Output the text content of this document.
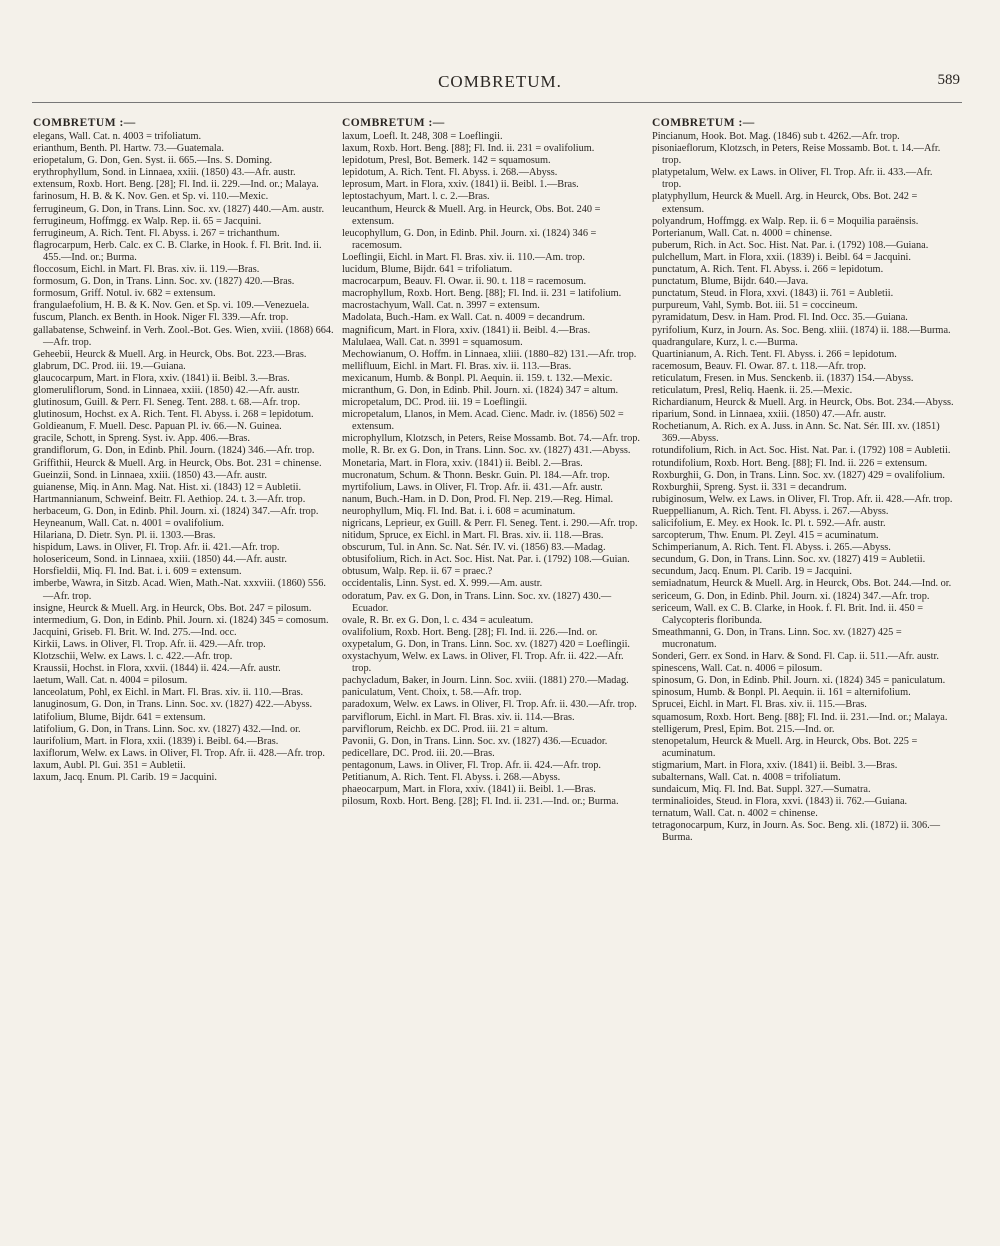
COMBRETUM.	589
COMBRETUM :—

elegans, Wall. Cat. n. 4003 = trifoliatum.

erianthum, Benth. Pl. Hartw. 73.—Guatemala.

eriopetalum, G. Don, Gen. Syst. ii. 665.—Ins. S. Doming.

erythrophyllum, Sond. in Linnaea, xxiii. (1850) 43.—Afr. austr.

extensum, Roxb. Hort. Beng. [28]; Fl. Ind. ii. 229.—Ind. or.; Malaya.

farinosum, H. B. & K. Nov. Gen. et Sp. vi. 110.—Mexic.

ferrugineum, G. Don, in Trans. Linn. Soc. xv. (1827) 440.—Am. austr.

ferrugineum, Hoffmgg. ex Walp. Rep. ii. 65 = Jacquini.

ferrugineum, A. Rich. Tent. Fl. Abyss. i. 267 = trichanthum.

flagrocarpum, Herb. Calc. ex C. B. Clarke, in Hook. f. Fl. Brit. Ind. ii. 455.—Ind. or.; Burma.

floccosum, Eichl. in Mart. Fl. Bras. xiv. ii. 119.—Bras.

formosum, G. Don, in Trans. Linn. Soc. xv. (1827) 420.—Bras.

formosum, Griff. Notul. iv. 682 = extensum.

frangulaefolium, H. B. & K. Nov. Gen. et Sp. vi. 109.—Venezuela.

fuscum, Planch. ex Benth. in Hook. Niger Fl. 339.—Afr. trop.

gallabatense, Schweinf. in Verh. Zool.-Bot. Ges. Wien, xviii. (1868) 664.—Afr. trop.

Geheebii, Heurck & Muell. Arg. in Heurck, Obs. Bot. 223.—Bras.

glabrum, DC. Prod. iii. 19.—Guiana.

glaucocarpum, Mart. in Flora, xxiv. (1841) ii. Beibl. 3.—Bras.

glomeruliflorum, Sond. in Linnaea, xxiii. (1850) 42.—Afr. austr.

glutinosum, Guill. & Perr. Fl. Seneg. Tent. 288. t. 68.—Afr. trop.

glutinosum, Hochst. ex A. Rich. Tent. Fl. Abyss. i. 268 = lepidotum.

Goldieanum, F. Muell. Desc. Papuan Pl. iv. 66.—N. Guinea.

gracile, Schott, in Spreng. Syst. iv. App. 406.—Bras.

grandiflorum, G. Don, in Edinb. Phil. Journ. (1824) 346.—Afr. trop.

Griffithii, Heurck & Muell. Arg. in Heurck, Obs. Bot. 231 = chinense.

Gueinzii, Sond. in Linnaea, xxiii. (1850) 43.—Afr. austr.

guianense, Miq. in Ann. Mag. Nat. Hist. xi. (1843) 12 = Aubletii.

Hartmannianum, Schweinf. Beitr. Fl. Aethiop. 24. t. 3.—Afr. trop.

herbaceum, G. Don, in Edinb. Phil. Journ. xi. (1824) 347.—Afr. trop.

Heyneanum, Wall. Cat. n. 4001 = ovalifolium.

Hilariana, D. Dietr. Syn. Pl. ii. 1303.—Bras.

hispidum, Laws. in Oliver, Fl. Trop. Afr. ii. 421.—Afr. trop.

holosericeum, Sond. in Linnaea, xxiii. (1850) 44.—Afr. austr.

Horsfieldii, Miq. Fl. Ind. Bat. i. i. 609 = extensum.

imberbe, Wawra, in Sitzb. Acad. Wien, Math.-Nat. xxxviii. (1860) 556.—Afr. trop.

insigne, Heurck & Muell. Arg. in Heurck, Obs. Bot. 247 = pilosum.

intermedium, G. Don, in Edinb. Phil. Journ. xi. (1824) 345 = comosum.

Jacquini, Griseb. Fl. Brit. W. Ind. 275.—Ind. occ.

Kirkii, Laws. in Oliver, Fl. Trop. Afr. ii. 429.—Afr. trop.

Klotzschii, Welw. ex Laws. l. c. 422.—Afr. trop.

Kraussii, Hochst. in Flora, xxvii. (1844) ii. 424.—Afr. austr.

laetum, Wall. Cat. n. 4004 = pilosum.

lanceolatum, Pohl, ex Eichl. in Mart. Fl. Bras. xiv. ii. 110.—Bras.

lanuginosum, G. Don, in Trans. Linn. Soc. xv. (1827) 422.—Abyss.

latifolium, Blume, Bijdr. 641 = extensum.

latifolium, G. Don, in Trans. Linn. Soc. xv. (1827) 432.—Ind. or.

laurifolium, Mart. in Flora, xxii. (1839) i. Beibl. 64.—Bras.

laxiflorum, Welw. ex Laws. in Oliver, Fl. Trop. Afr. ii. 428.—Afr. trop.

laxum, Aubl. Pl. Gui. 351 = Aubletii.

laxum, Jacq. Enum. Pl. Carib. 19 = Jacquini.

COMBRETUM :—

laxum, Loefl. It. 248, 308 = Loeflingii.

laxum, Roxb. Hort. Beng. [88]; Fl. Ind. ii. 231 = ovalifolium.

lepidotum, Presl, Bot. Bemerk. 142 = squamosum.

lepidotum, A. Rich. Tent. Fl. Abyss. i. 268.—Abyss.

leprosum, Mart. in Flora, xxiv. (1841) ii. Beibl. 1.—Bras.

leptostachyum, Mart. l. c. 2.—Bras.

leucanthum, Heurck & Muell. Arg. in Heurck, Obs. Bot. 240 = extensum.

leucophyllum, G. Don, in Edinb. Phil. Journ. xi. (1824) 346 = racemosum.

Loeflingii, Eichl. in Mart. Fl. Bras. xiv. ii. 110.—Am. trop.

lucidum, Blume, Bijdr. 641 = trifoliatum.

macrocarpum, Beauv. Fl. Owar. ii. 90. t. 118 = racemosum.

macrophyllum, Roxb. Hort. Beng. [88]; Fl. Ind. ii. 231 = latifolium.

macrostachyum, Wall. Cat. n. 3997 = extensum.

Madolata, Buch.-Ham. ex Wall. Cat. n. 4009 = decandrum.

magnificum, Mart. in Flora, xxiv. (1841) ii. Beibl. 4.—Bras.

Malulaea, Wall. Cat. n. 3991 = squamosum.

Mechowianum, O. Hoffm. in Linnaea, xliii. (1880–82) 131.—Afr. trop.

mellifluum, Eichl. in Mart. Fl. Bras. xiv. ii. 113.—Bras.

mexicanum, Humb. & Bonpl. Pl. Aequin. ii. 159. t. 132.—Mexic.

micranthum, G. Don, in Edinb. Phil. Journ. xi. (1824) 347 = altum.

micropetalum, DC. Prod. iii. 19 = Loeflingii.

micropetalum, Llanos, in Mem. Acad. Cienc. Madr. iv. (1856) 502 = extensum.

microphyllum, Klotzsch, in Peters, Reise Mossamb. Bot. 74.—Afr. trop.

molle, R. Br. ex G. Don, in Trans. Linn. Soc. xv. (1827) 431.—Abyss.

Monetaria, Mart. in Flora, xxiv. (1841) ii. Beibl. 2.—Bras.

mucronatum, Schum. & Thonn. Beskr. Guin. Pl. 184.—Afr. trop.

myrtifolium, Laws. in Oliver, Fl. Trop. Afr. ii. 431.—Afr. austr.

nanum, Buch.-Ham. in D. Don, Prod. Fl. Nep. 219.—Reg. Himal.

neurophyllum, Miq. Fl. Ind. Bat. i. i. 608 = acuminatum.

nigricans, Leprieur, ex Guill. & Perr. Fl. Seneg. Tent. i. 290.—Afr. trop.

nitidum, Spruce, ex Eichl. in Mart. Fl. Bras. xiv. ii. 118.—Bras.

obscurum, Tul. in Ann. Sc. Nat. Sér. IV. vi. (1856) 83.—Madag.

obtusifolium, Rich. in Act. Soc. Hist. Nat. Par. i. (1792) 108.—Guian.

obtusum, Walp. Rep. ii. 67 = praec.?

occidentalis, Linn. Syst. ed. X. 999.—Am. austr.

odoratum, Pav. ex G. Don, in Trans. Linn. Soc. xv. (1827) 430.—Ecuador.

ovale, R. Br. ex G. Don, l. c. 434 = aculeatum.

ovalifolium, Roxb. Hort. Beng. [28]; Fl. Ind. ii. 226.—Ind. or.

oxypetalum, G. Don, in Trans. Linn. Soc. xv. (1827) 420 = Loeflingii.

oxystachyum, Welw. ex Laws. in Oliver, Fl. Trop. Afr. ii. 422.—Afr. trop.

pachycladum, Baker, in Journ. Linn. Soc. xviii. (1881) 270.—Madag.

paniculatum, Vent. Choix, t. 58.—Afr. trop.

paradoxum, Welw. ex Laws. in Oliver, Fl. Trop. Afr. ii. 430.—Afr. trop.

parviflorum, Eichl. in Mart. Fl. Bras. xiv. ii. 114.—Bras.

parviflorum, Reichb. ex DC. Prod. iii. 21 = altum.

Pavonii, G. Don, in Trans. Linn. Soc. xv. (1827) 436.—Ecuador.

pedicellare, DC. Prod. iii. 20.—Bras.

pentagonum, Laws. in Oliver, Fl. Trop. Afr. ii. 424.—Afr. trop.

Petitianum, A. Rich. Tent. Fl. Abyss. i. 268.—Abyss.

phaeocarpum, Mart. in Flora, xxiv. (1841) ii. Beibl. 1.—Bras.

pilosum, Roxb. Hort. Beng. [28]; Fl. Ind. ii. 231.—Ind. or.; Burma.

COMBRETUM :—

Pincianum, Hook. Bot. Mag. (1846) sub t. 4262.—Afr. trop.

pisoniaeflorum, Klotzsch, in Peters, Reise Mossamb. Bot. t. 14.—Afr. trop.

platypetalum, Welw. ex Laws. in Oliver, Fl. Trop. Afr. ii. 433.—Afr. trop.

platyphyllum, Heurck & Muell. Arg. in Heurck, Obs. Bot. 242 = extensum.

polyandrum, Hoffmgg. ex Walp. Rep. ii. 6 = Moquilia paraënsis.

Porterianum, Wall. Cat. n. 4000 = chinense.

puberum, Rich. in Act. Soc. Hist. Nat. Par. i. (1792) 108.—Guiana.

pulchellum, Mart. in Flora, xxii. (1839) i. Beibl. 64 = Jacquini.

punctatum, A. Rich. Tent. Fl. Abyss. i. 266 = lepidotum.

punctatum, Blume, Bijdr. 640.—Java.

punctatum, Steud. in Flora, xxvi. (1843) ii. 761 = Aubletii.

purpureum, Vahl, Symb. Bot. iii. 51 = coccineum.

pyramidatum, Desv. in Ham. Prod. Fl. Ind. Occ. 35.—Guiana.

pyrifolium, Kurz, in Journ. As. Soc. Beng. xliii. (1874) ii. 188.—Burma.

quadrangulare, Kurz, l. c.—Burma.

Quartinianum, A. Rich. Tent. Fl. Abyss. i. 266 = lepidotum.

racemosum, Beauv. Fl. Owar. 87. t. 118.—Afr. trop.

reticulatum, Fresen. in Mus. Senckenb. ii. (1837) 154.—Abyss.

reticulatum, Presl, Reliq. Haenk. ii. 25.—Mexic.

Richardianum, Heurck & Muell. Arg. in Heurck, Obs. Bot. 234.—Abyss.

riparium, Sond. in Linnaea, xxiii. (1850) 47.—Afr. austr.

Rochetianum, A. Rich. ex A. Juss. in Ann. Sc. Nat. Sér. III. xv. (1851) 369.—Abyss.

rotundifolium, Rich. in Act. Soc. Hist. Nat. Par. i. (1792) 108 = Aubletii.

rotundifolium, Roxb. Hort. Beng. [88]; Fl. Ind. ii. 226 = extensum.

Roxburghii, G. Don, in Trans. Linn. Soc. xv. (1827) 429 = ovalifolium.

Roxburghii, Spreng. Syst. ii. 331 = decandrum.

rubiginosum, Welw. ex Laws. in Oliver, Fl. Trop. Afr. ii. 428.—Afr. trop.

Rueppellianum, A. Rich. Tent. Fl. Abyss. i. 267.—Abyss.

salicifolium, E. Mey. ex Hook. Ic. Pl. t. 592.—Afr. austr.

sarcopterum, Thw. Enum. Pl. Zeyl. 415 = acuminatum.

Schimperianum, A. Rich. Tent. Fl. Abyss. i. 265.—Abyss.

secundum, G. Don, in Trans. Linn. Soc. xv. (1827) 419 = Aubletii.

secundum, Jacq. Enum. Pl. Carib. 19 = Jacquini.

semiadnatum, Heurck & Muell. Arg. in Heurck, Obs. Bot. 244.—Ind. or.

sericeum, G. Don, in Edinb. Phil. Journ. xi. (1824) 347.—Afr. trop.

sericeum, Wall. ex C. B. Clarke, in Hook. f. Fl. Brit. Ind. ii. 450 = Calycopteris floribunda.

Smeathmanni, G. Don, in Trans. Linn. Soc. xv. (1827) 425 = mucronatum.

Sonderi, Gerr. ex Sond. in Harv. & Sond. Fl. Cap. ii. 511.—Afr. austr.

spinescens, Wall. Cat. n. 4006 = pilosum.

spinosum, G. Don, in Edinb. Phil. Journ. xi. (1824) 345 = paniculatum.

spinosum, Humb. & Bonpl. Pl. Aequin. ii. 161 = alternifolium.

Sprucei, Eichl. in Mart. Fl. Bras. xiv. ii. 115.—Bras.

squamosum, Roxb. Hort. Beng. [88]; Fl. Ind. ii. 231.—Ind. or.; Malaya.

stelligerum, Presl, Epim. Bot. 215.—Ind. or.

stenopetalum, Heurck & Muell. Arg. in Heurck, Obs. Bot. 225 = acuminatum.

stigmarium, Mart. in Flora, xxiv. (1841) ii. Beibl. 3.—Bras.

subalternans, Wall. Cat. n. 4008 = trifoliatum.

sundaicum, Miq. Fl. Ind. Bat. Suppl. 327.—Sumatra.

terminalioides, Steud. in Flora, xxvi. (1843) ii. 762.—Guiana.

ternatum, Wall. Cat. n. 4002 = chinense.

tetragonocarpum, Kurz, in Journ. As. Soc. Beng. xli. (1872) ii. 306.—Burma.
